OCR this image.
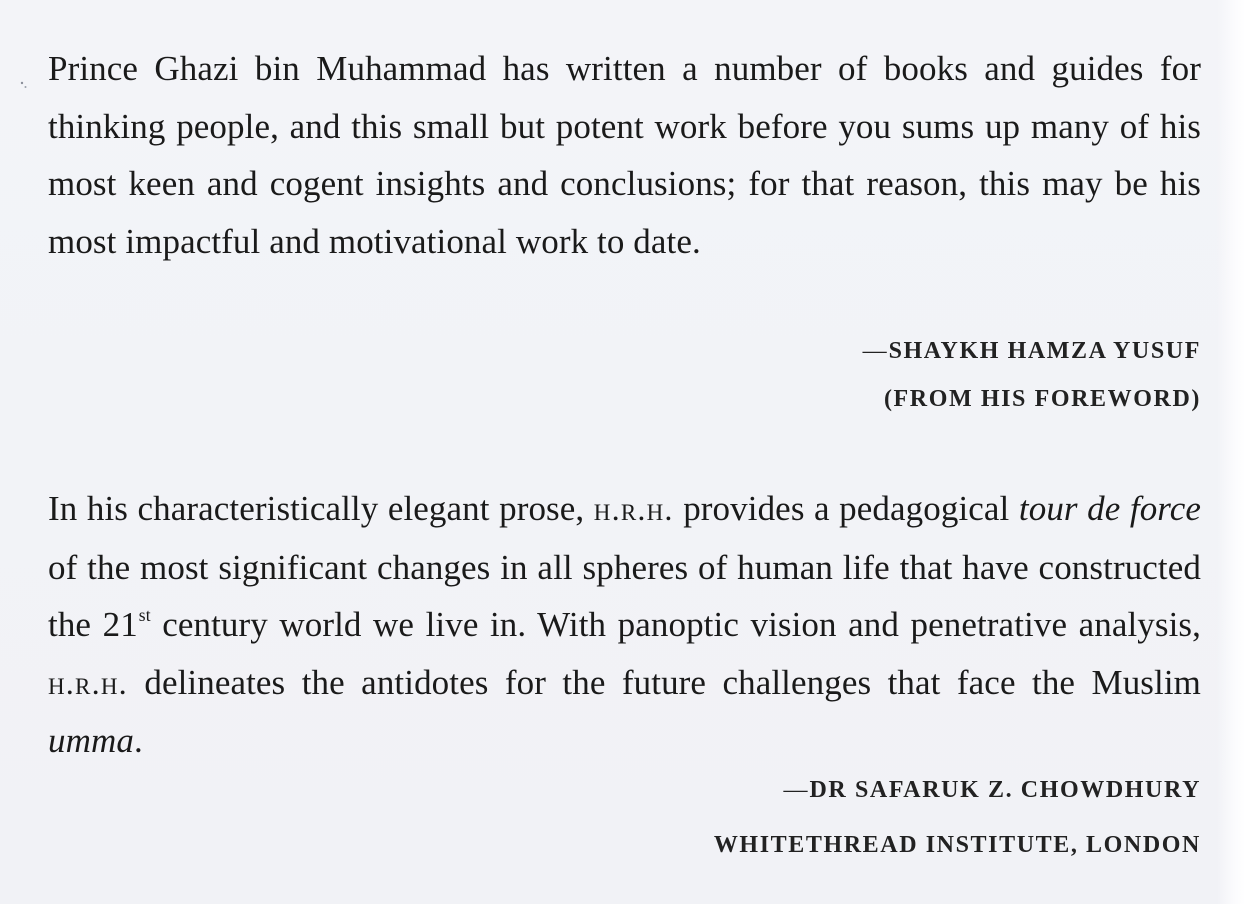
Prince Ghazi bin Muhammad has written a number of books and guides for thinking people, and this small but potent work before you sums up many of his most keen and cogent insights and conclusions; for that reason, this may be his most impactful and motivational work to date.

—SHAYKH HAMZA YUSUF

(FROM HIS FOREWORD)

In his characteristically elegant prose, h.r.h. provides a pedagogical tour de force of the most significant changes in all spheres of human life that have constructed the 21st century world we live in. With panoptic vision and penetrative analysis, h.r.h. delineates the antidotes for the future challenges that face the Muslim umma.

—DR SAFARUK Z. CHOWDHURY

WHITETHREAD INSTITUTE, LONDON
